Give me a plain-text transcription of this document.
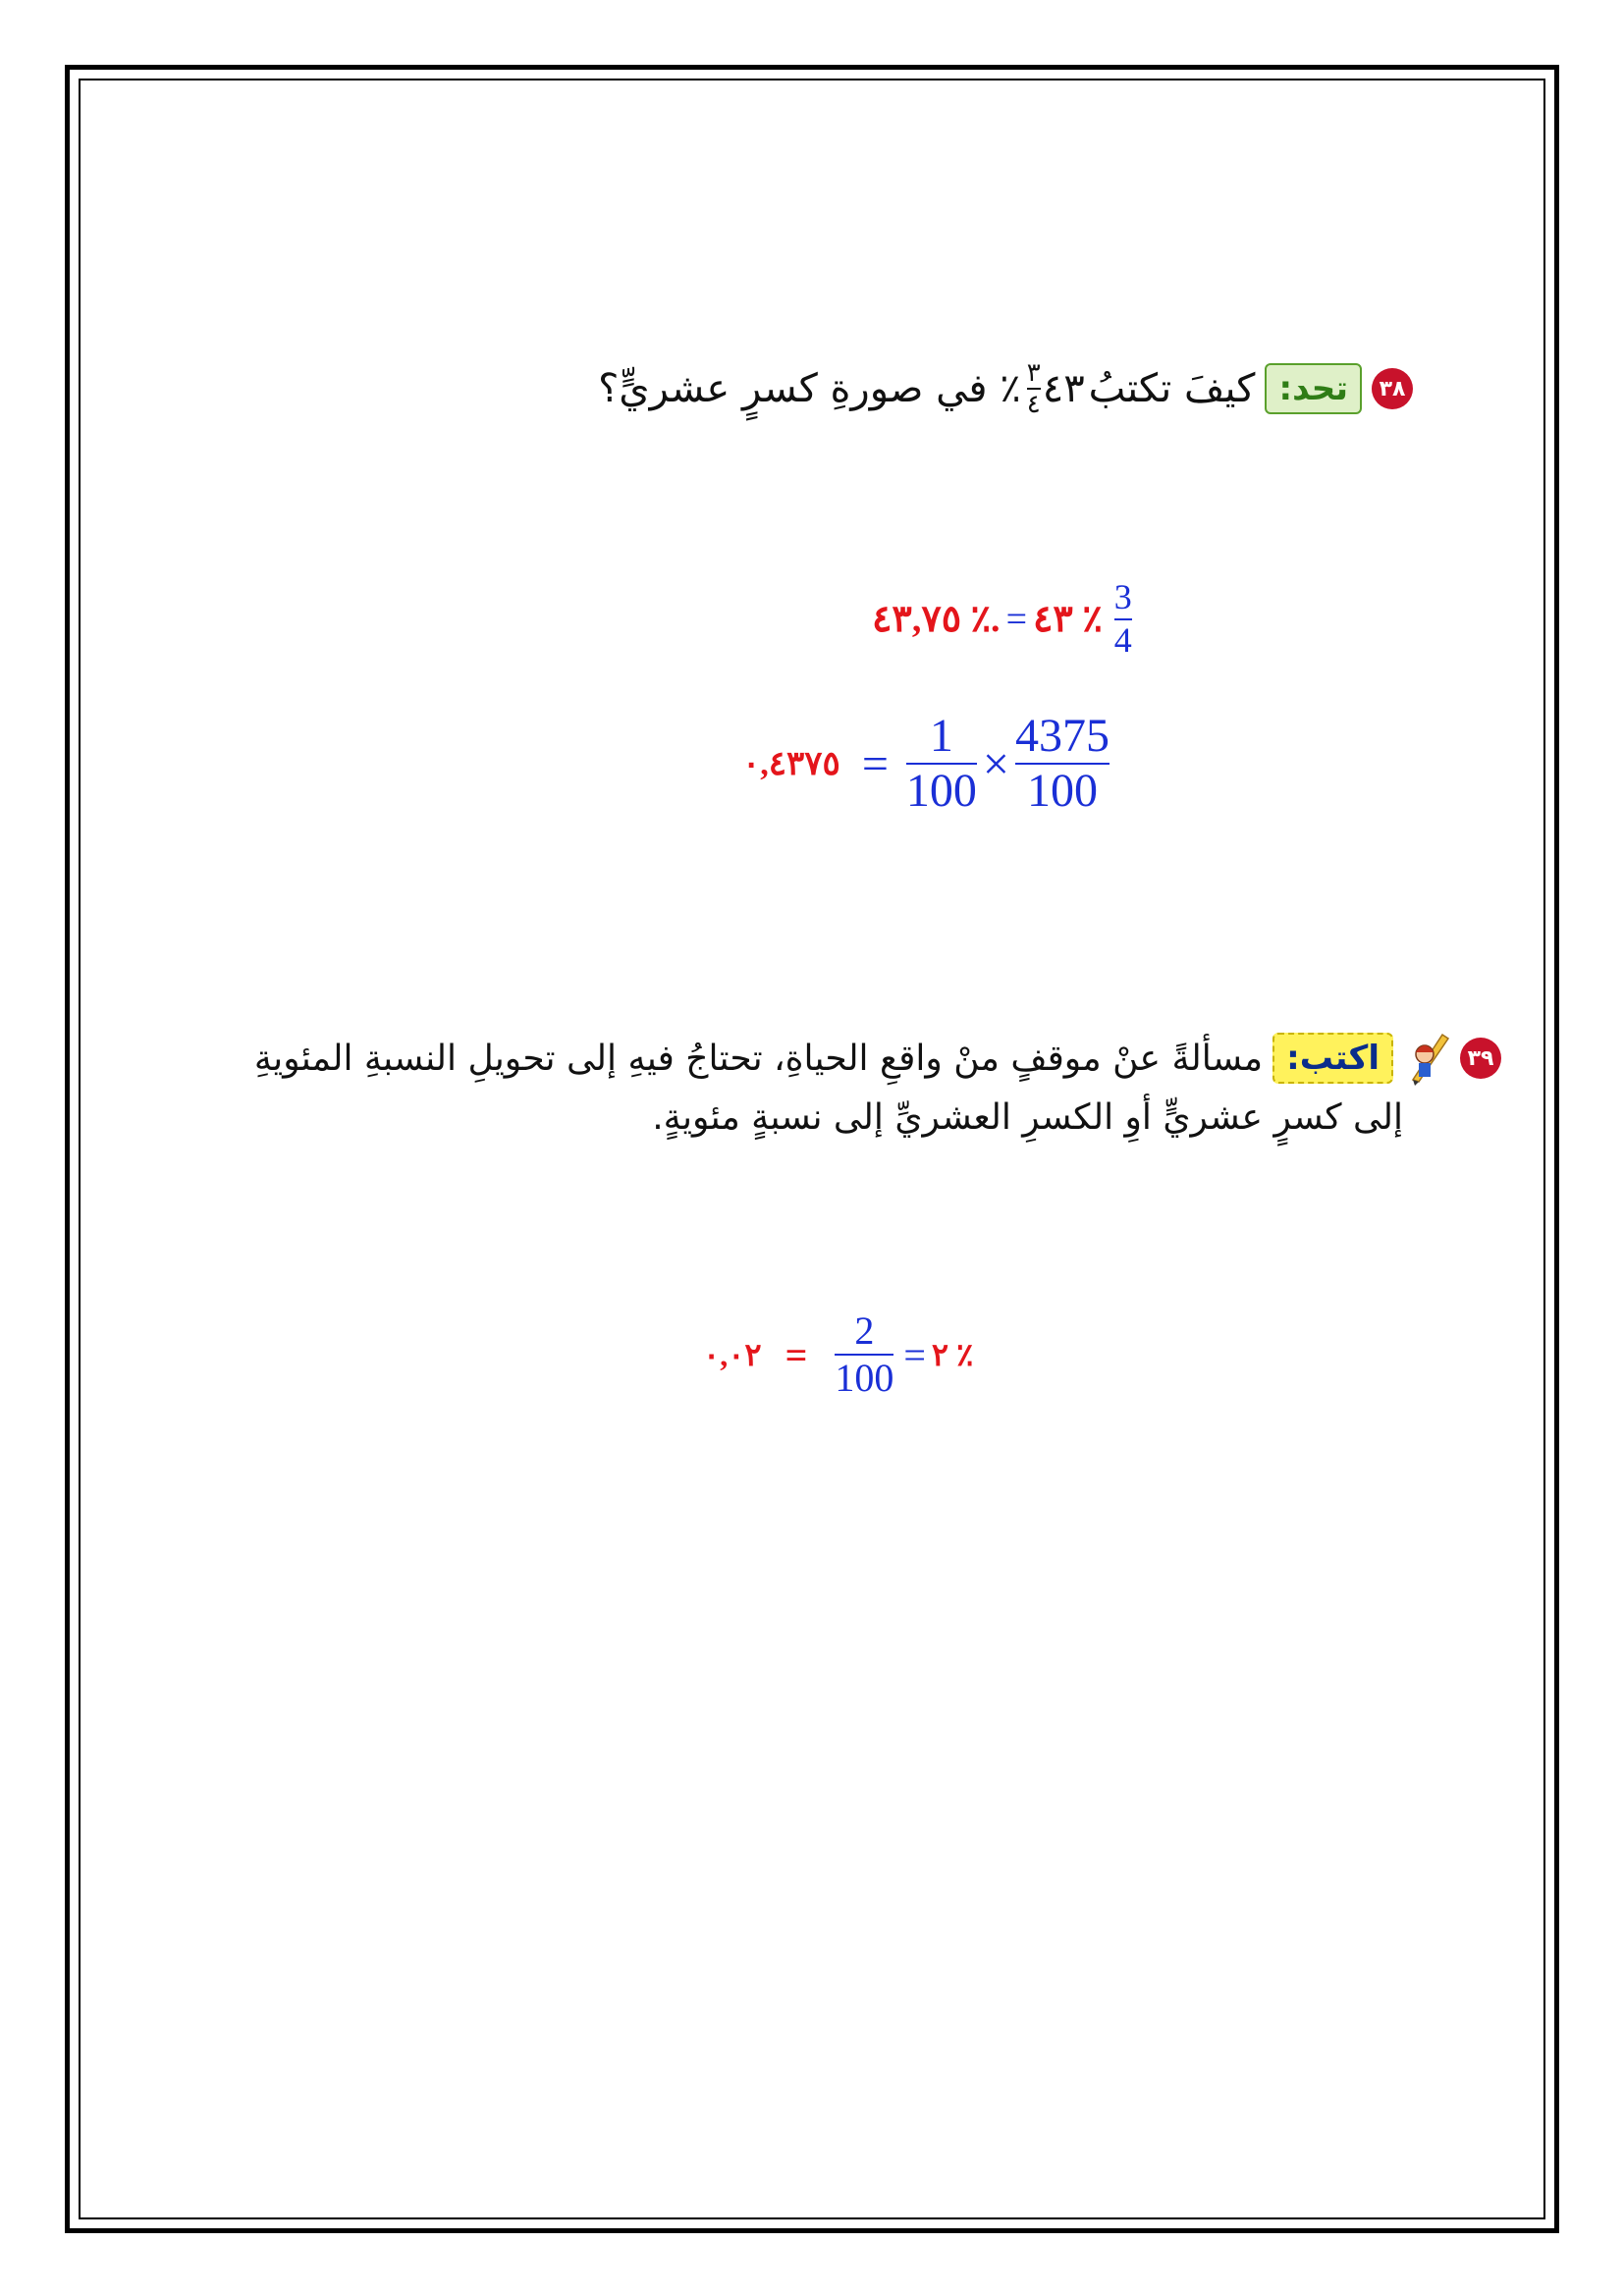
٣٨
تحد:
كيفَ تكتبُ
$\frac{٣}{٤}$ ٤٣
٪ في صورةِ كسرٍ عشريٍّ؟
٤٣,٧٥ ٪. = ٤٣ ٪ $\frac{3}{4}$
٠,٤٣٧٥ = $\frac{1}{100} \times \frac{4375}{100}$
٣٩
اكتب:
مسألةً عنْ موقفٍ منْ واقعِ الحياةِ، تحتاجُ فيهِ إلى تحويلِ النسبةِ المئويةِ
إلى كسرٍ عشريٍّ أوِ الكسرِ العشريِّ إلى نسبةٍ مئويةٍ.
٠,٠٢ = $\frac{2}{100}$ = ٢ ٪
